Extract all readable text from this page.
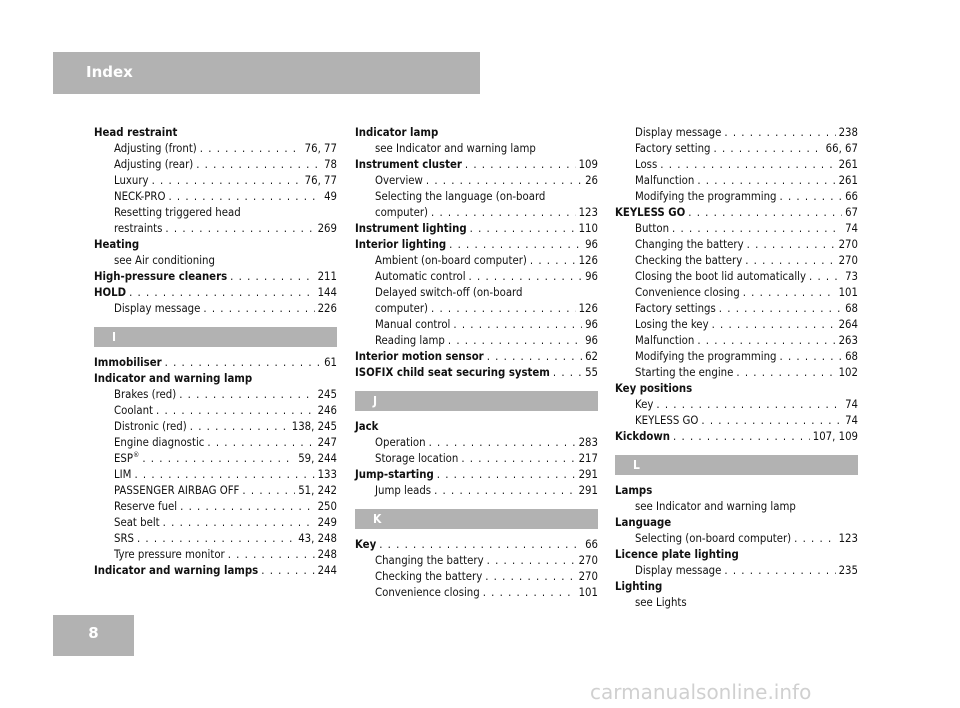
Index
Head restraint
Adjusting (front) . . .	76, 77
Adjusting (rear) . . .	78
Luxury . . .	76, 77
NECK-PRO . . .	49
Resetting triggered head
restraints . . .	269
Heating
see Air conditioning
High-pressure cleaners . . .	211
HOLD . . .	144
Display message . . .	226
I
Immobiliser . . .	61
Indicator and warning lamp
Brakes (red) . . .	245
Coolant . . .	246
Distronic (red) . . .	138, 245
Engine diagnostic . . .	247
ESP® . . .	59, 244
LIM . . .	133
PASSENGER AIRBAG OFF . . .	51, 242
Reserve fuel . . .	250
Seat belt . . .	249
SRS . . .	43, 248
Tyre pressure monitor . . .	248
Indicator and warning lamps . . .	244
Indicator lamp
see Indicator and warning lamp
Instrument cluster . . .	109
Overview . . .	26
Selecting the language (on-board
computer) . . .	123
Instrument lighting . . .	110
Interior lighting . . .	96
Ambient (on-board computer) . . .	126
Automatic control . . .	96
Delayed switch-off (on-board
computer) . . .	126
Manual control . . .	96
Reading lamp . . .	96
Interior motion sensor . . .	62
ISOFIX child seat securing system . . .	55
J
Jack
Operation . . .	283
Storage location . . .	217
Jump-starting . . .	291
Jump leads . . .	291
K
Key . . .	66
Changing the battery . . .	270
Checking the battery . . .	270
Convenience closing . . .	101
Display message . . .	238
Factory setting . . .	66, 67
Loss . . .	261
Malfunction . . .	261
Modifying the programming . . .	66
KEYLESS GO . . .	67
Button . . .	74
Changing the battery . . .	270
Checking the battery . . .	270
Closing the boot lid automatically . . .	73
Convenience closing . . .	101
Factory settings . . .	68
Losing the key . . .	264
Malfunction . . .	263
Modifying the programming . . .	68
Starting the engine . . .	102
Key positions
Key . . .	74
KEYLESS GO . . .	74
Kickdown . . .	107, 109
L
Lamps
see Indicator and warning lamp
Language
Selecting (on-board computer) . . .	123
Licence plate lighting
Display message . . .	235
Lighting
see Lights
8
carmanualsonline.info
